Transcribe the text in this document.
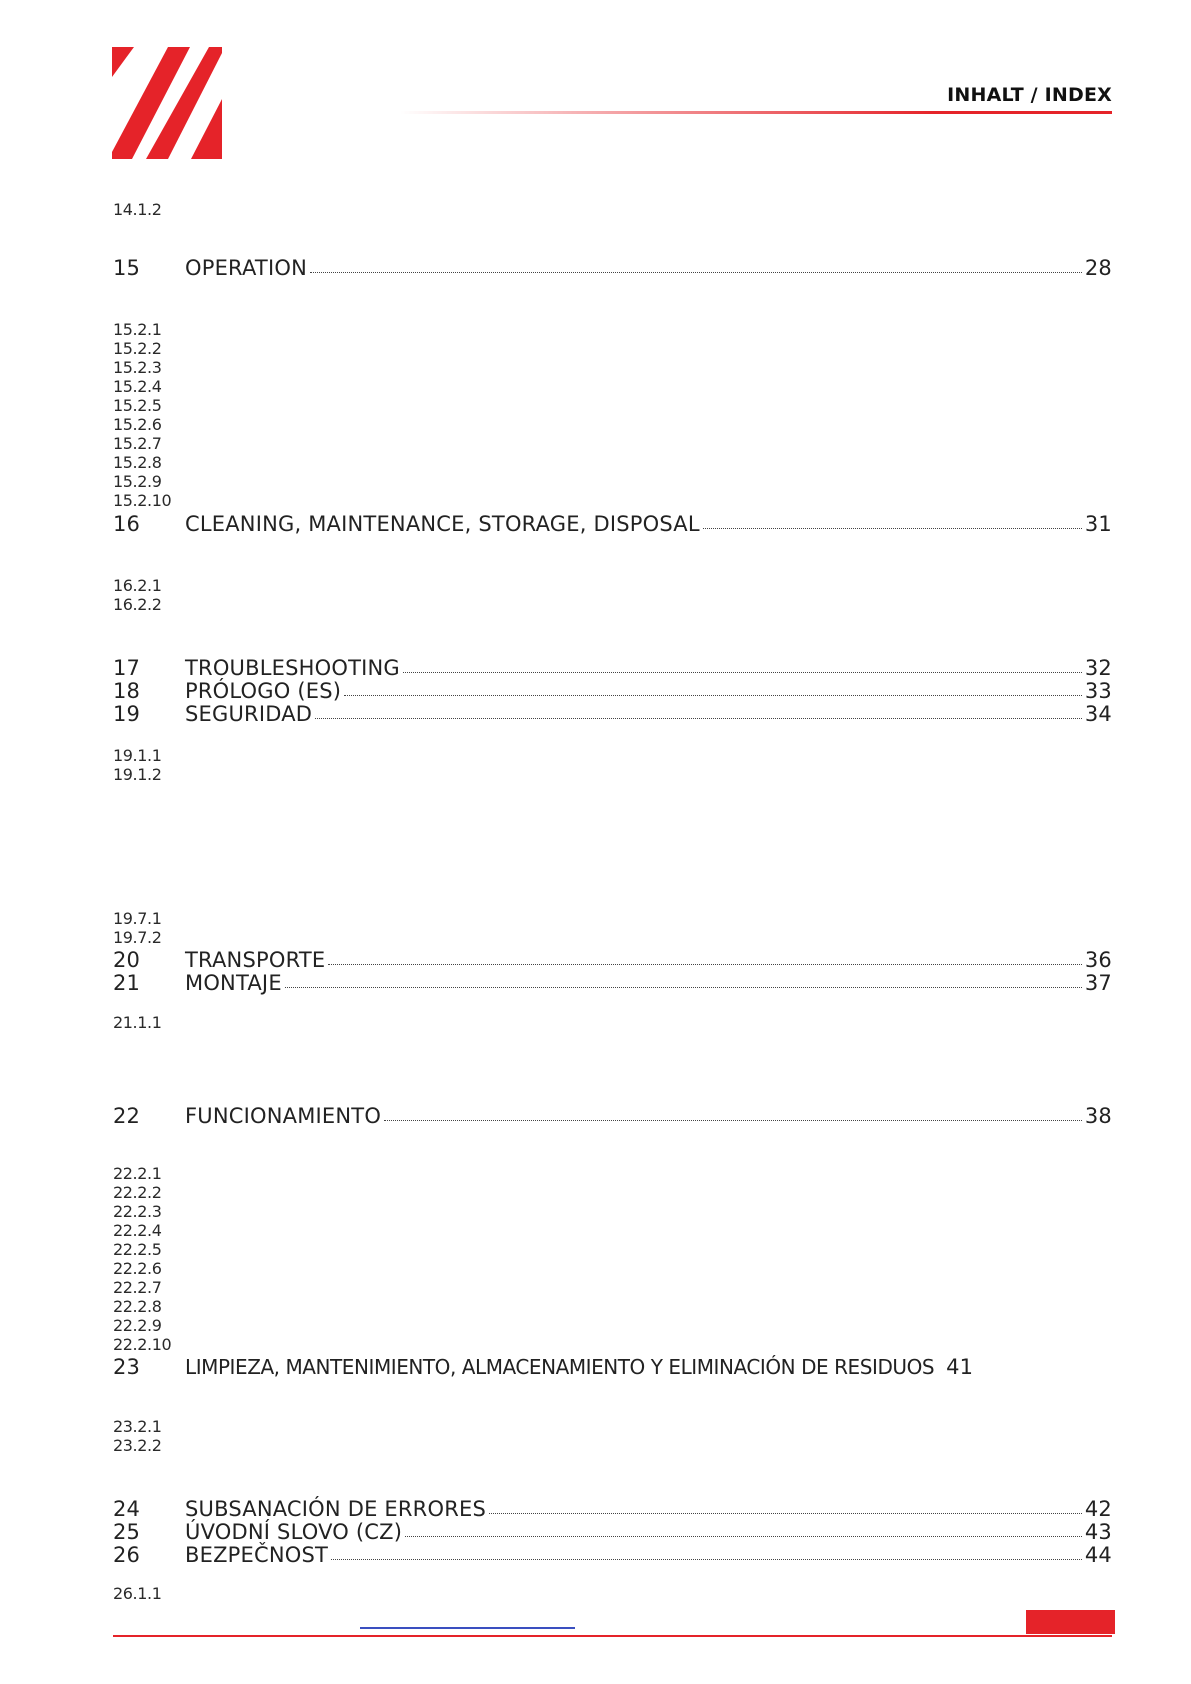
INHALT / INDEX
14.1.2
15	OPERATION	28
15.2.1
15.2.2
15.2.3
15.2.4
15.2.5
15.2.6
15.2.7
15.2.8
15.2.9
15.2.10
16	CLEANING, MAINTENANCE, STORAGE, DISPOSAL	31
16.2.1
16.2.2
17	TROUBLESHOOTING	32
18	PRÓLOGO (ES)	33
19	SEGURIDAD	34
19.1.1
19.1.2
19.7.1
19.7.2
20	TRANSPORTE	36
21	MONTAJE	37
21.1.1
22	FUNCIONAMIENTO	38
22.2.1
22.2.2
22.2.3
22.2.4
22.2.5
22.2.6
22.2.7
22.2.8
22.2.9
22.2.10
23	LIMPIEZA, MANTENIMIENTO, ALMACENAMIENTO Y ELIMINACIÓN DE RESIDUOS 41
23.2.1
23.2.2
24	SUBSANACIÓN DE ERRORES	42
25	ÚVODNÍ SLOVO (CZ)	43
26	BEZPEČNOST	44
26.1.1
